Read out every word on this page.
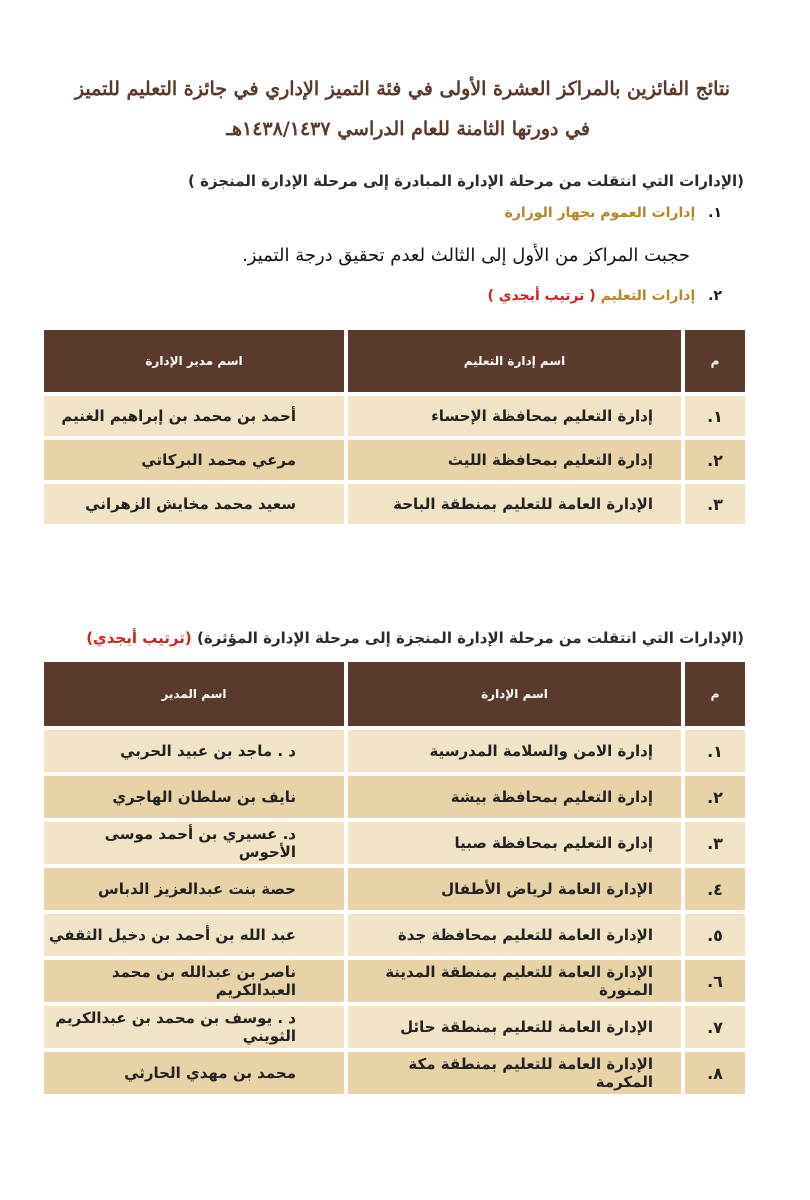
نتائج الفائزين بالمراكز العشرة الأولى في فئة التميز الإداري في جائزة التعليم للتميز
في دورتها الثامنة للعام الدراسي ١٤٣٨/١٤٣٧هـ
(الإدارات التي انتقلت من مرحلة الإدارة المبادرة إلى مرحلة الإدارة المنجزة )
١. إدارات العموم بجهاز الوزارة
حجبت المراكز من الأول إلى الثالث لعدم تحقيق درجة التميز.
٢. إدارات التعليم ( ترتيب أبجدي )
م	اسم إدارة التعليم	اسم مدير الإدارة
١.	إدارة التعليم بمحافظة الإحساء	أحمد بن محمد بن إبراهيم الغنيم
٢.	إدارة التعليم بمحافظة الليث	مرعي محمد البركاتي
٣.	الإدارة العامة للتعليم بمنطقة الباحة	سعيد محمد مخايش الزهراني
(الإدارات التي انتقلت من مرحلة الإدارة المنجزة إلى مرحلة الإدارة المؤثرة) (ترتيب أبجدي)
م	اسم الإدارة	اسم المدير
١.	إدارة الامن والسلامة المدرسية	د . ماجد بن عبيد الحربي
٢.	إدارة التعليم بمحافظة بيشة	نايف بن سلطان الهاجري
٣.	إدارة التعليم بمحافظة صبيا	د. عسيري بن أحمد موسى الأحوس
٤.	الإدارة العامة لرياض الأطفال	حصة بنت عبدالعزيز الدباس
٥.	الإدارة العامة للتعليم بمحافظة جدة	عبد الله بن أحمد بن دخيل الثقفي
٦.	الإدارة العامة للتعليم بمنطقة المدينة المنورة	ناصر بن عبدالله بن محمد العبدالكريم
٧.	الإدارة العامة للتعليم بمنطقة حائل	د . يوسف بن محمد بن عبدالكريم الثويني
٨.	الإدارة العامة للتعليم بمنطقة مكة المكرمة	محمد بن مهدي الحارثي
